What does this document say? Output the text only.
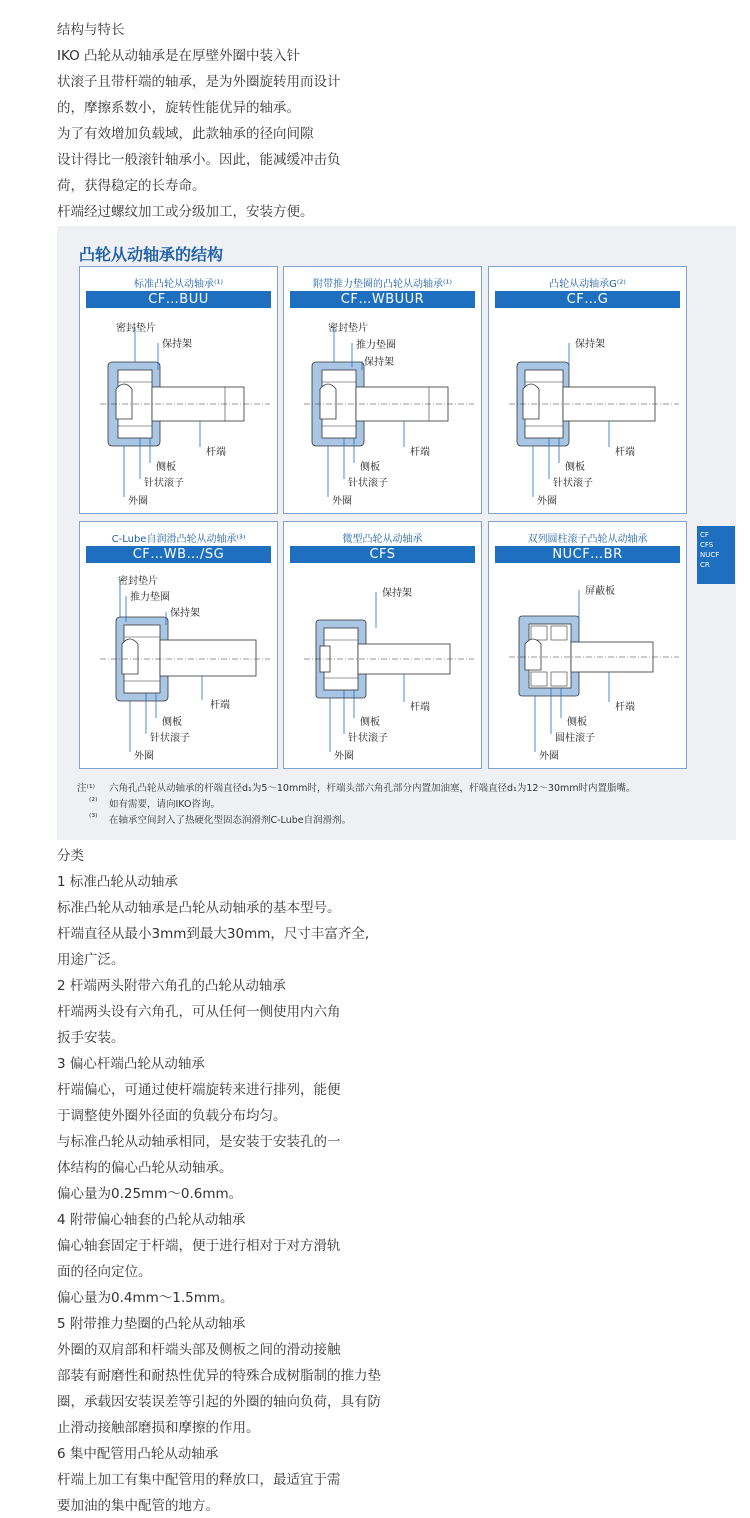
结构与特长
IKO 凸轮从动轴承是在厚壁外圈中装入针
状滚子且带杆端的轴承，是为外圈旋转用而设计
的，摩擦系数小，旋转性能优异的轴承。
为了有效增加负载域，此款轴承的径向间隙
设计得比一般滚针轴承小。因此，能减缓冲击负
荷，获得稳定的长寿命。
杆端经过螺纹加工或分级加工，安装方便。
凸轮从动轴承的结构
标准凸轮从动轴承⁽¹⁾
CF…BUU
密封垫片
保持架
杆端
侧板
针状滚子
外圈
附带推力垫圈的凸轮从动轴承⁽¹⁾
CF…WBUUR
密封垫片
推力垫圈
保持架
杆端
侧板
针状滚子
外圈
凸轮从动轴承G⁽²⁾
CF…G
保持架
杆端
侧板
针状滚子
外圈
C-Lube自润滑凸轮从动轴承⁽³⁾
CF…WB…/SG
密封垫片
推力垫圈
保持架
杆端
侧板
针状滚子
外圈
微型凸轮从动轴承
CFS
保持架
杆端
侧板
针状滚子
外圈
双列圆柱滚子凸轮从动轴承
NUCF…BR
屏蔽板
杆端
侧板
圆柱滚子
外圈
CF
CFS
NUCF
CR
注⁽¹⁾ 六角孔凸轮从动轴承的杆端直径d₁为5～10mm时，杆端头部六角孔部分内置加油塞，杆端直径d₁为12～30mm时内置脂嘴。
⁽²⁾ 如有需要，请向IKO咨询。
⁽³⁾ 在轴承空间封入了热硬化型固态润滑剂C-Lube自润滑剂。
分类
1 标准凸轮从动轴承
标准凸轮从动轴承是凸轮从动轴承的基本型号。
杆端直径从最小3mm到最大30mm，尺寸丰富齐全,
用途广泛。
2 杆端两头附带六角孔的凸轮从动轴承
杆端两头设有六角孔，可从任何一侧使用内六角
扳手安装。
3 偏心杆端凸轮从动轴承
杆端偏心，可通过使杆端旋转来进行排列，能便
于调整使外圈外径面的负载分布均匀。
与标准凸轮从动轴承相同，是安装于安装孔的一
体结构的偏心凸轮从动轴承。
偏心量为0.25mm～0.6mm。
4 附带偏心轴套的凸轮从动轴承
偏心轴套固定于杆端，便于进行相对于对方滑轨
面的径向定位。
偏心量为0.4mm～1.5mm。
5 附带推力垫圈的凸轮从动轴承
外圈的双肩部和杆端头部及侧板之间的滑动接触
部装有耐磨性和耐热性优异的特殊合成树脂制的推力垫
圈，承载因安装误差等引起的外圈的轴向负荷，具有防
止滑动接触部磨损和摩擦的作用。
6 集中配管用凸轮从动轴承
杆端上加工有集中配管用的释放口，最适宜于需
要加油的集中配管的地方。
